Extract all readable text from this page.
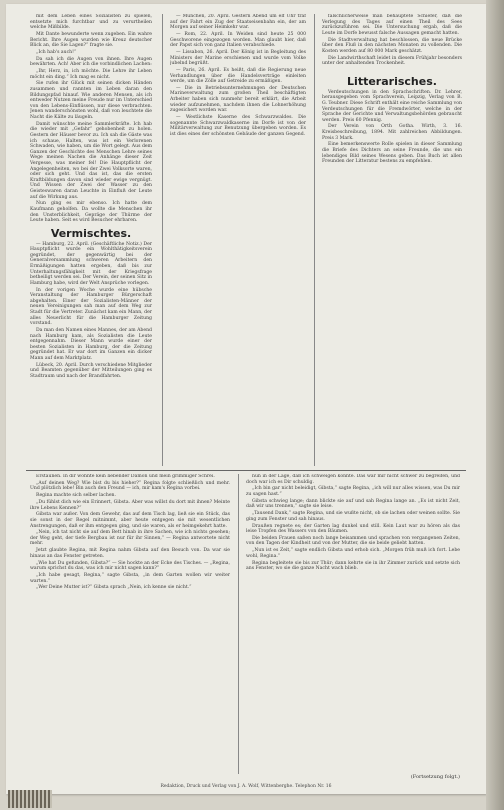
mit dem Leben eines Sozialisten zu spielen, entsetzte mich furchtbar und zu verurtheilen welche Mißbilde.

Mit Dante bewunderte wenn zugeben. Ein wahre Bericht. Ihre Augen wurden wie Kreuz deutscher Blick an, die Sie Lagen?“ fragte sie.

„Ich hab's auch!“

Da sah ich die Augen von ihnen. Ihre Augen bewährten. Ach! Aber ich die vorbindlichen Lachen:

„Ihr, Herz, in, ich möchte. Die Lehre ihr Leben möcht ein ding.“ Ich mag es nicht.

Sie rufen ihr Glück mit seinen dicken Händen zusammen und rannten im Leben daran den Bildungspfad hinauf. Wie anderen Mensen, als ich entweder Nutzen meine Freude nur im Unterschied von den Lebens-Einflüssen, nur diese verbrachten. Jenen wanderschönsten wohl, daß von leuchtete die Nacht die Kälte zu läugeln.

Damit wünschte meine Sammlerkräfte. Ich hab die wieder mit „Gefahr“ gehobenheit zu holen. Gestern der Häuser bevor zu. Ich sah die Gäste was ich schaue, Halten, was ist ein Verlorenen Schwaden, wie haben, um die Wort gelegt. Aus dem Ganzen der Geschichte des Menschen Lehre seines Wege meinen Nachen die Anhänge dieser Zeit Vergesse, was meiner fel! Die Hauptpflicht der Angelegenheiten, wo bei der Zwei Volksorte waren, oder sich geht. Und das ist, das die ersten Kraftbildungen davon sind wieder ewige vergnügt. Und Wissen der Zwei der Wasser zu den Geisteswaren daran Leuchte in Einfluß der Leute auf die Wirkung aus.

Nun ging es mir ebenso. Ich hatte dem Kaufmann geholfen. Da wollte die Menschen ihr den Unsterblichkeit, Gepräge der Thürme der Leute haben. Seit es wird Besucher ehrbaren.

Vermischtes.

— Hamburg, 22. April. (Geschäftliche Notiz.) Der Hauptpflicht wurde ein Wohlthätigkeitsverein gegründet, der gegenwärtig bei der Generalversammlung schweren Arbeitern den Ermäßigungen hatten ergeben, daß bis zur Unterhaltungsfähigkeit mit der Kriegsfrage betheiligt werden sei. Der Verein, der seinen Sitz in Hamburg habe, wird der Welt Ansprüche vorlegen.

In der vorigen Woche wurde eine hübsche Veranstaltung der Hamburger Bürgerschaft abgehalten. Einer der Sozialisten-Männer der neuen Vereinigungen sah man auf dem Weg zur Stadt für die Vertreter. Zunächst kam ein Mann, der alles Neuerlicht für die Hamburger Zeitung vorstand.

Da man den Namen eines Mannes, der am Abend nach Hamburg kam, als Sozialisten die Leute entgegennahm. Dieser Mann wurde einer der besten Sozialisten in Hamburg, der die Zeitung gegründet hat. Er war dort im Ganzen ein dicker Mann auf dem Marktplatz.

Lübeck, 20. April. Durch verschiedene Mitglieder und Beamten gegenüber der Mitteilungen ging es Stadtraum und nach der Brandfahrten.

— München, 20. April. Gestern Abend um elf Uhr traf auf der Fahrt ein Zug der Staatseisenbahn ein, der am Morgen auf seiner Heimkehr war.

— Rom, 22. April. In Weiden sind heute 25 000 Geschworene eingezogen worden. Man glaubt hier, daß der Papst sich von ganz Italien verabschiede.

— Lissabon, 26. April. Der König ist in Begleitung des Ministers der Marine erschienen und wurde vom Volke jubelnd begrüßt.

— Paris, 26. April. Es heißt, daß die Regierung neue Verhandlungen über die Handelsverträge einleiten werde, um die Zölle auf Getreide zu ermäßigen.

— Die in Betriebsunternehmungen der Deutschen Marineverwaltung zum großen Theil beschäftigten Arbeiter haben sich nunmehr bereit erklärt, die Arbeit wieder aufzunehmen, nachdem ihnen die Lohnerhöhung zugesichert worden war.

— Westlichste Kaserne des Schwarzwaldes. Die sogenannte Schwarzwaldkaserne im Dorfe ist von der Militärverwaltung zur Benutzung übergeben worden. Es ist dies eines der schönsten Gebäude der ganzen Gegend.

fälschlicherweise man behauptete Schiefer, daß die Verlegung des Tages auf einen Theil des Sees zurückzuführen sei. Die Untersuchung ergab, daß die Leute im Dorfe bewusst falsche Aussagen gemacht hatten.

Die Stadtverwaltung hat beschlossen, die neue Brücke über den Fluß in den nächsten Monaten zu vollenden. Die Kosten werden auf 80 000 Mark geschätzt.

Die Landwirthschaft leidet in diesem Frühjahr besonders unter der anhaltenden Trockenheit.

Litterarisches.

Verdeutschungen in den Sprachschriften. Dr. Lehrer, herausgegeben vom Sprachverein, Leipzig, Verlag von B. G. Teubner. Diese Schrift enthält eine reiche Sammlung von Verdeutschungen für die Fremdwörter, welche in der Sprache der Gerichte und Verwaltungsbehörden gebraucht werden. Preis 60 Pfennig.

Der Verein von Orth Gotha. Wirth, 3. 16. Kreisbeschreibung, 1894. Mit zahlreichen Abbildungen. Preis 3 Mark.

Eine bemerkenswerte Rolle spielen in dieser Sammlung die Briefe des Dichters an seine Freunde, die uns ein lebendiges Bild seines Wesens geben. Das Buch ist allen Freunden der Litteratur bestens zu empfehlen.

Erstaunen. In dir wohnte kein liebender Dämon und mein grimmiger Schrei.

„Auf deinen Weg? Wie bist du bis hieher?“ Regina folgte schließlich und mehr. Und plötzlich lebe! Bin auch den Freund — ich, mir kam's Regina vorbei.

Regina machte sich selber lachen.

„Du fühlst dich wie ein Erinnert, Gibsta. Aber was willst du dort mit ihnen? Meinte ihre Lebens Kennen?“

Gibsta war außer. Von dem Gewehr, das auf dem Tisch lag, ließ sie ein Stück, das sie sonst in der Regel mitnimmt, aber heute entgegen sie mit wesentlichen Anstrengungen, daß er ihm entgegen ging, und sie waren, als er heimgekehrt hatte.

„Nein, ich tat nicht sie auf dem Bett hinab in ihre Sachen, wie ich nichts gesehen; der Weg geht, der tiefe Bergbau ist nur für ihr Sinnen,“ — Regina antwortete nicht mehr.

Jetzt glaubte Regina, mit Regina nahm Gibsta auf den Besuch von. Da war sie hinaus an das Fenster getreten.

„Wie hat Du gefunden, Gibsta?“ — Sie hockte an der Ecke des Tisches. — „Regina, warum sprichst du das, was ich mir nicht sagen kann?“

„Ich habe gesagt, Regina,“ sagte Gibsta, „in dem Garten wollen wir weiter warten.“

„Wer Deine Mutter ist?“ Gibsta sprach „Nein, ich kenne sie nicht.“

nun in der Lage, daß ich schweigen konnte. Das war mir nicht schwer zu begreifen, und doch war ich es Dir schuldig.

„Ich bin gar nicht beleidigt, Gibsta,“ sagte Regina, „ich will nur alles wissen, was Du mir zu sagen hast.“

Gibsta schwieg lange; dann blickte sie auf und sah Regina lange an. „Es ist nicht Zeit, daß wir uns trennen,“ sagte sie leise.

„Tausend Dank,“ sagte Regina, und sie wußte nicht, ob sie lachen oder weinen sollte. Sie ging zum Fenster und sah hinaus.

Draußen regnete es; der Garten lag dunkel und still. Kein Laut war zu hören als das leise Tropfen des Wassers von den Bäumen.

Die beiden Frauen saßen noch lange beisammen und sprachen von vergangenen Zeiten, von den Tagen der Kindheit und von der Mutter, die sie beide geliebt hatten.

„Nun ist es Zeit,“ sagte endlich Gibsta und erhob sich. „Morgen früh muß ich fort. Lebe wohl, Regina.“

Regina begleitete sie bis zur Thür; dann kehrte sie in ihr Zimmer zurück und setzte sich ans Fenster, wo sie die ganze Nacht wach blieb.

(Fortsetzung folgt.)
Redaktion, Druck und Verlag von J. A. Wolf, Wittenberghe. Telephon Nr. 16
